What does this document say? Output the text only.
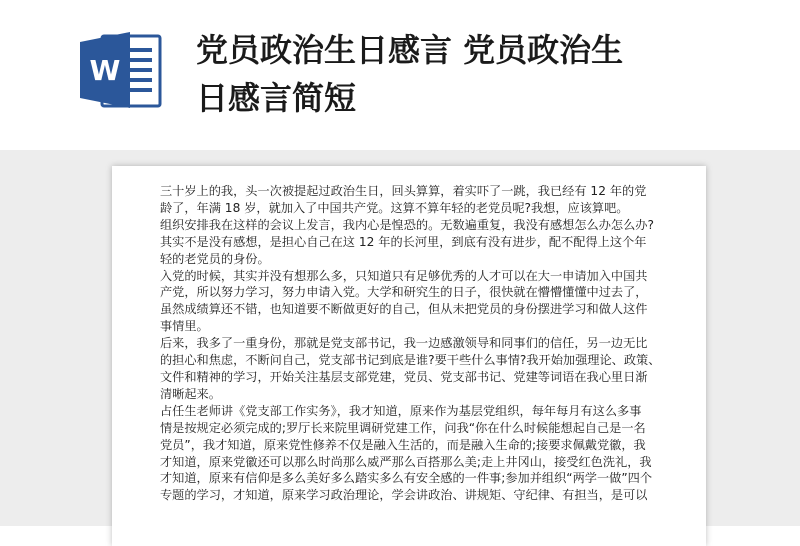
W
党员政治生日感言 党员政治生
日感言简短
三十岁上的我，头一次被提起过政治生日，回头算算，着实吓了一跳，我已经有 12 年的党
龄了，年满 18 岁，就加入了中国共产党。这算不算年轻的老党员呢?我想，应该算吧。
组织安排我在这样的会议上发言，我内心是惶恐的。无数遍重复，我没有感想怎么办怎么办?
其实不是没有感想，是担心自己在这 12 年的长河里，到底有没有进步，配不配得上这个年
轻的老党员的身份。
入党的时候，其实并没有想那么多，只知道只有足够优秀的人才可以在大一申请加入中国共
产党，所以努力学习，努力申请入党。大学和研究生的日子，很快就在懵懵懂懂中过去了，
虽然成绩算还不错，也知道要不断做更好的自己，但从未把党员的身份摆进学习和做人这件
事情里。
后来，我多了一重身份，那就是党支部书记，我一边感激领导和同事们的信任，另一边无比
的担心和焦虑，不断问自己，党支部书记到底是谁?要干些什么事情?我开始加强理论、政策、
文件和精神的学习，开始关注基层支部党建，党员、党支部书记、党建等词语在我心里日渐
清晰起来。
占任生老师讲《党支部工作实务》，我才知道，原来作为基层党组织，每年每月有这么多事
情是按规定必须完成的;罗厅长来院里调研党建工作，问我“你在什么时候能想起自己是一名
党员”，我才知道，原来党性修养不仅是融入生活的，而是融入生命的;接要求佩戴党徽，我
才知道，原来党徽还可以那么时尚那么威严那么百搭那么美;走上井冈山，接受红色洗礼，我
才知道，原来有信仰是多么美好多么踏实多么有安全感的一件事;参加并组织“两学一做”四个
专题的学习，才知道，原来学习政治理论，学会讲政治、讲规矩、守纪律、有担当，是可以
